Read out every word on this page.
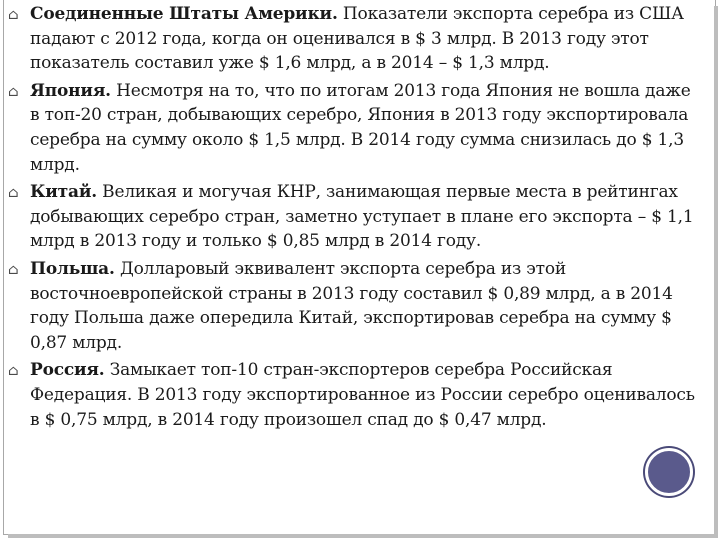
⌂ Соединенные Штаты Америки. Показатели экспорта серебра из США падают с 2012 года, когда он оценивался в $ 3 млрд. В 2013 году этот показатель составил уже $ 1,6 млрд, а в 2014 – $ 1,3 млрд.
⌂ Япония. Несмотря на то, что по итогам 2013 года Япония не вошла даже в топ-20 стран, добывающих серебро, Япония в 2013 году экспортировала серебра на сумму около $ 1,5 млрд. В 2014 году сумма снизилась до $ 1,3 млрд.
⌂ Китай. Великая и могучая КНР, занимающая первые места в рейтингах добывающих серебро стран, заметно уступает в плане его экспорта – $ 1,1 млрд в 2013 году и только $ 0,85 млрд в 2014 году.
⌂ Польша. Долларовый эквивалент экспорта серебра из этой восточноевропейской страны в 2013 году составил $ 0,89 млрд, а в 2014 году Польша даже опередила Китай, экспортировав серебра на сумму $ 0,87 млрд.
⌂ Россия. Замыкает топ-10 стран-экспортеров серебра Российская Федерация. В 2013 году экспортированное из России серебро оценивалось в $ 0,75 млрд, в 2014 году произошел спад до $ 0,47 млрд.
